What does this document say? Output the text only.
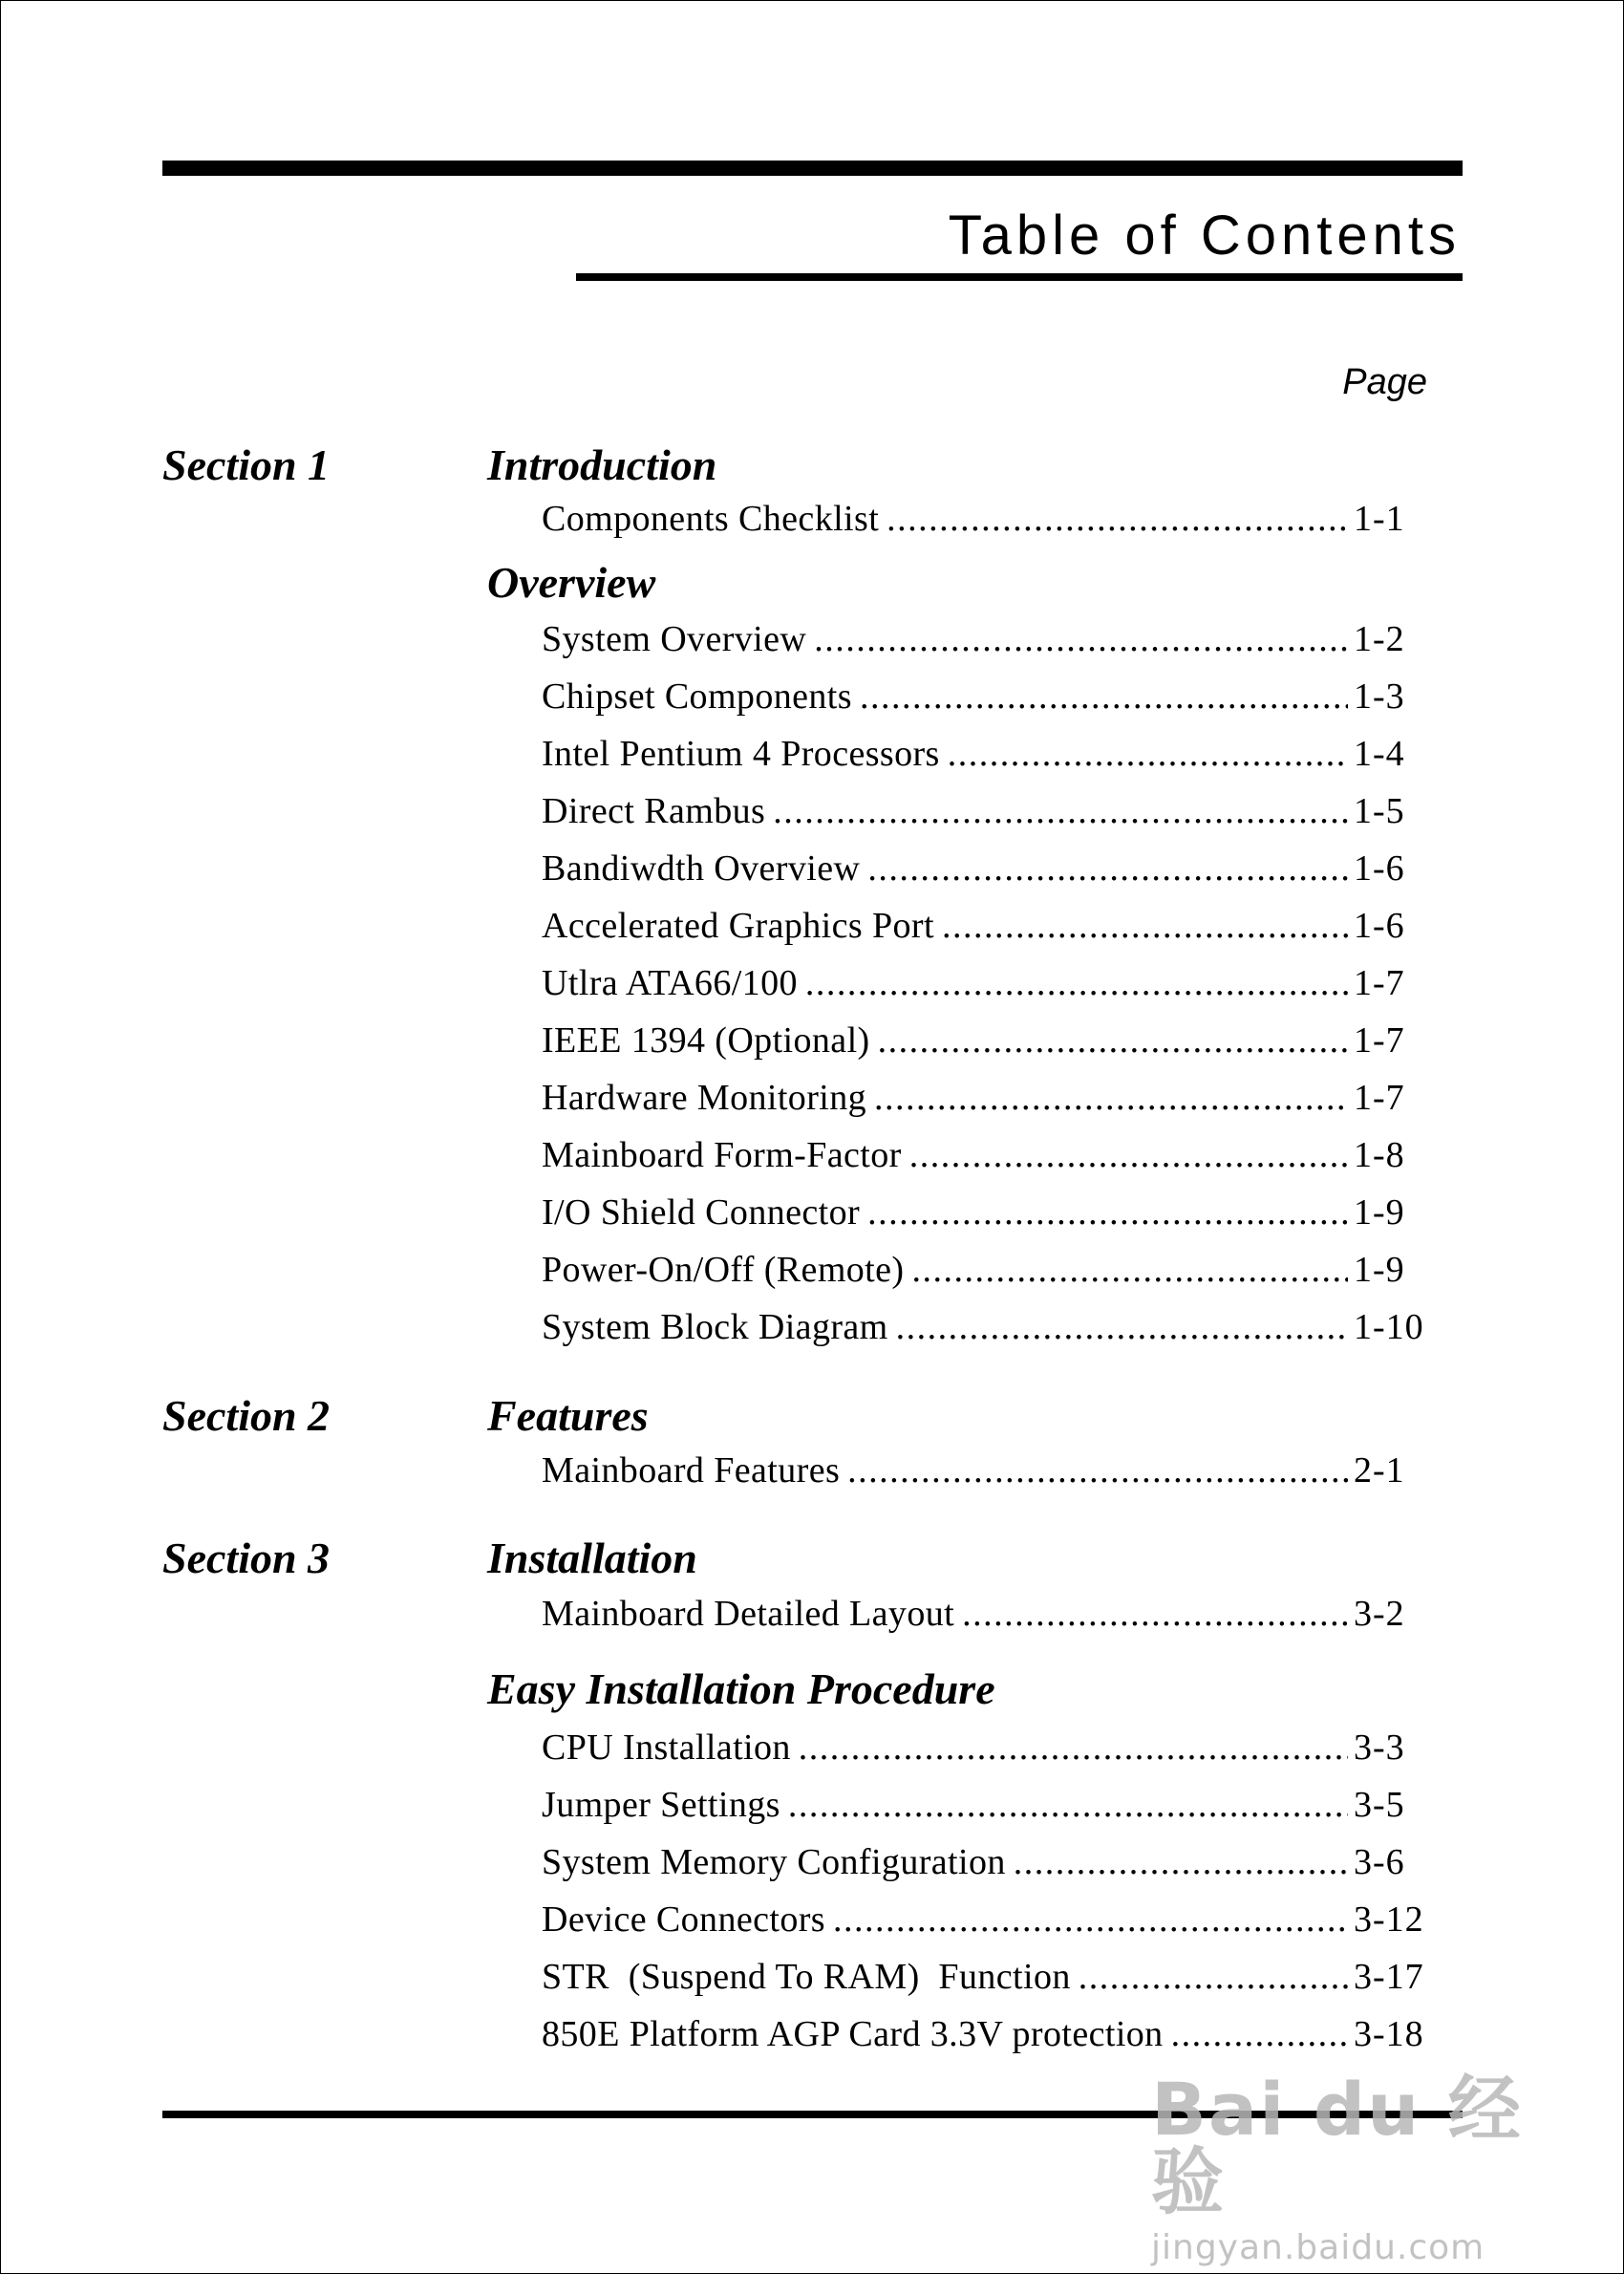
Table of Contents
Page
Section 1	Introduction
Components Checklist .....	1-1
Overview
System Overview .....	1-2
Chipset Components .....	1-3
Intel Pentium 4 Processors .....	1-4
Direct Rambus .....	1-5
Bandiwdth Overview .....	1-6
Accelerated Graphics Port .....	1-6
Utlra ATA66/100 .....	1-7
IEEE 1394 (Optional) .....	1-7
Hardware Monitoring .....	1-7
Mainboard Form-Factor .....	1-8
I/O Shield Connector .....	1-9
Power-On/Off (Remote) .....	1-9
System Block Diagram .....	1-10
Section 2	Features
Mainboard Features .....	2-1
Section 3	Installation
Mainboard Detailed Layout .....	3-2
Easy Installation Procedure
CPU Installation .....	3-3
Jumper Settings .....	3-5
System Memory Configuration .....	3-6
Device Connectors .....	3-12
STR  (Suspend To RAM)  Function .....	3-17
850E Platform AGP Card 3.3V protection .....	3-18
Bai du 经验
jingyan.baidu.com
